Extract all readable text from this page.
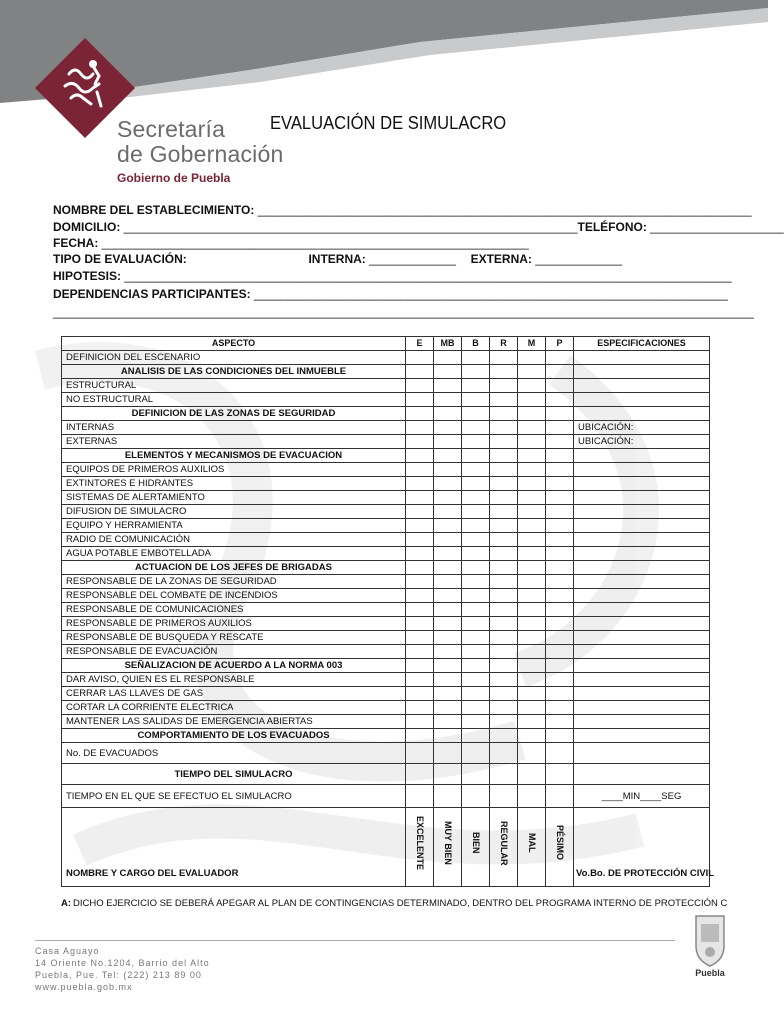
Secretaría
de Gobernación
Gobierno de Puebla
EVALUACIÓN DE SIMULACRO
NOMBRE DEL ESTABLECIMIENTO: __________________________________________________________________________
DOMICILIO: ____________________________________________________________________TELÉFONO: ____________________
FECHA: ________________________________________________________________
TIPO DE EVALUACIÓN:	INTERNA: _____________ EXTERNA: _____________
HIPOTESIS: ___________________________________________________________________________________________
DEPENDENCIAS PARTICIPANTES: _______________________________________________________________________
_________________________________________________________________________________________________________
ASPECTO	E	MB	B	R	M	P	ESPECIFICACIONES
DEFINICION DEL ESCENARIO							
ANALISIS DE LAS CONDICIONES DEL INMUEBLE							
ESTRUCTURAL							
NO ESTRUCTURAL							
DEFINICION DE LAS ZONAS DE SEGURIDAD							
INTERNAS							UBICACIÓN:
EXTERNAS							UBICACIÓN:
ELEMENTOS Y MECANISMOS DE EVACUACION							
EQUIPOS DE PRIMEROS AUXILIOS							
EXTINTORES E HIDRANTES							
SISTEMAS DE ALERTAMIENTO							
DIFUSION DE SIMULACRO							
EQUIPO Y HERRAMIENTA							
RADIO DE COMUNICACIÓN							
AGUA POTABLE EMBOTELLADA							
ACTUACION DE LOS JEFES DE BRIGADAS							
RESPONSABLE DE LA ZONAS DE SEGURIDAD							
RESPONSABLE DEL COMBATE DE INCENDIOS							
RESPONSABLE DE COMUNICACIONES							
RESPONSABLE DE PRIMEROS AUXILIOS							
RESPONSABLE DE BUSQUEDA Y RESCATE							
RESPONSABLE DE EVACUACIÓN							
SEÑALIZACION DE ACUERDO A LA NORMA 003							
DAR AVISO, QUIEN ES EL RESPONSABLE							
CERRAR LAS LLAVES DE GAS							
CORTAR LA CORRIENTE ELECTRICA							
MANTENER LAS SALIDAS DE EMERGENCIA ABIERTAS							
COMPORTAMIENTO DE LOS EVACUADOS							
No. DE EVACUADOS							
TIEMPO DEL SIMULACRO							
TIEMPO EN EL QUE SE EFECTUO EL SIMULACRO							____MIN____SEG
NOMBRE Y CARGO DEL EVALUADOR	EXCELENTE	MUY BIEN	BIEN	REGULAR	MAL	PÉSIMO	Vo.Bo. DE PROTECCIÓN CIVIL
A: DICHO EJERCICIO SE DEBERÁ APEGAR AL PLAN DE CONTINGENCIAS DETERMINADO, DENTRO DEL PROGRAMA INTERNO DE PROTECCIÓN C
Casa Aguayo
14 Oriente No.1204, Barrio del Alto
Puebla, Pue. Tel: (222) 213 89 00
www.puebla.gob.mx
Puebla
